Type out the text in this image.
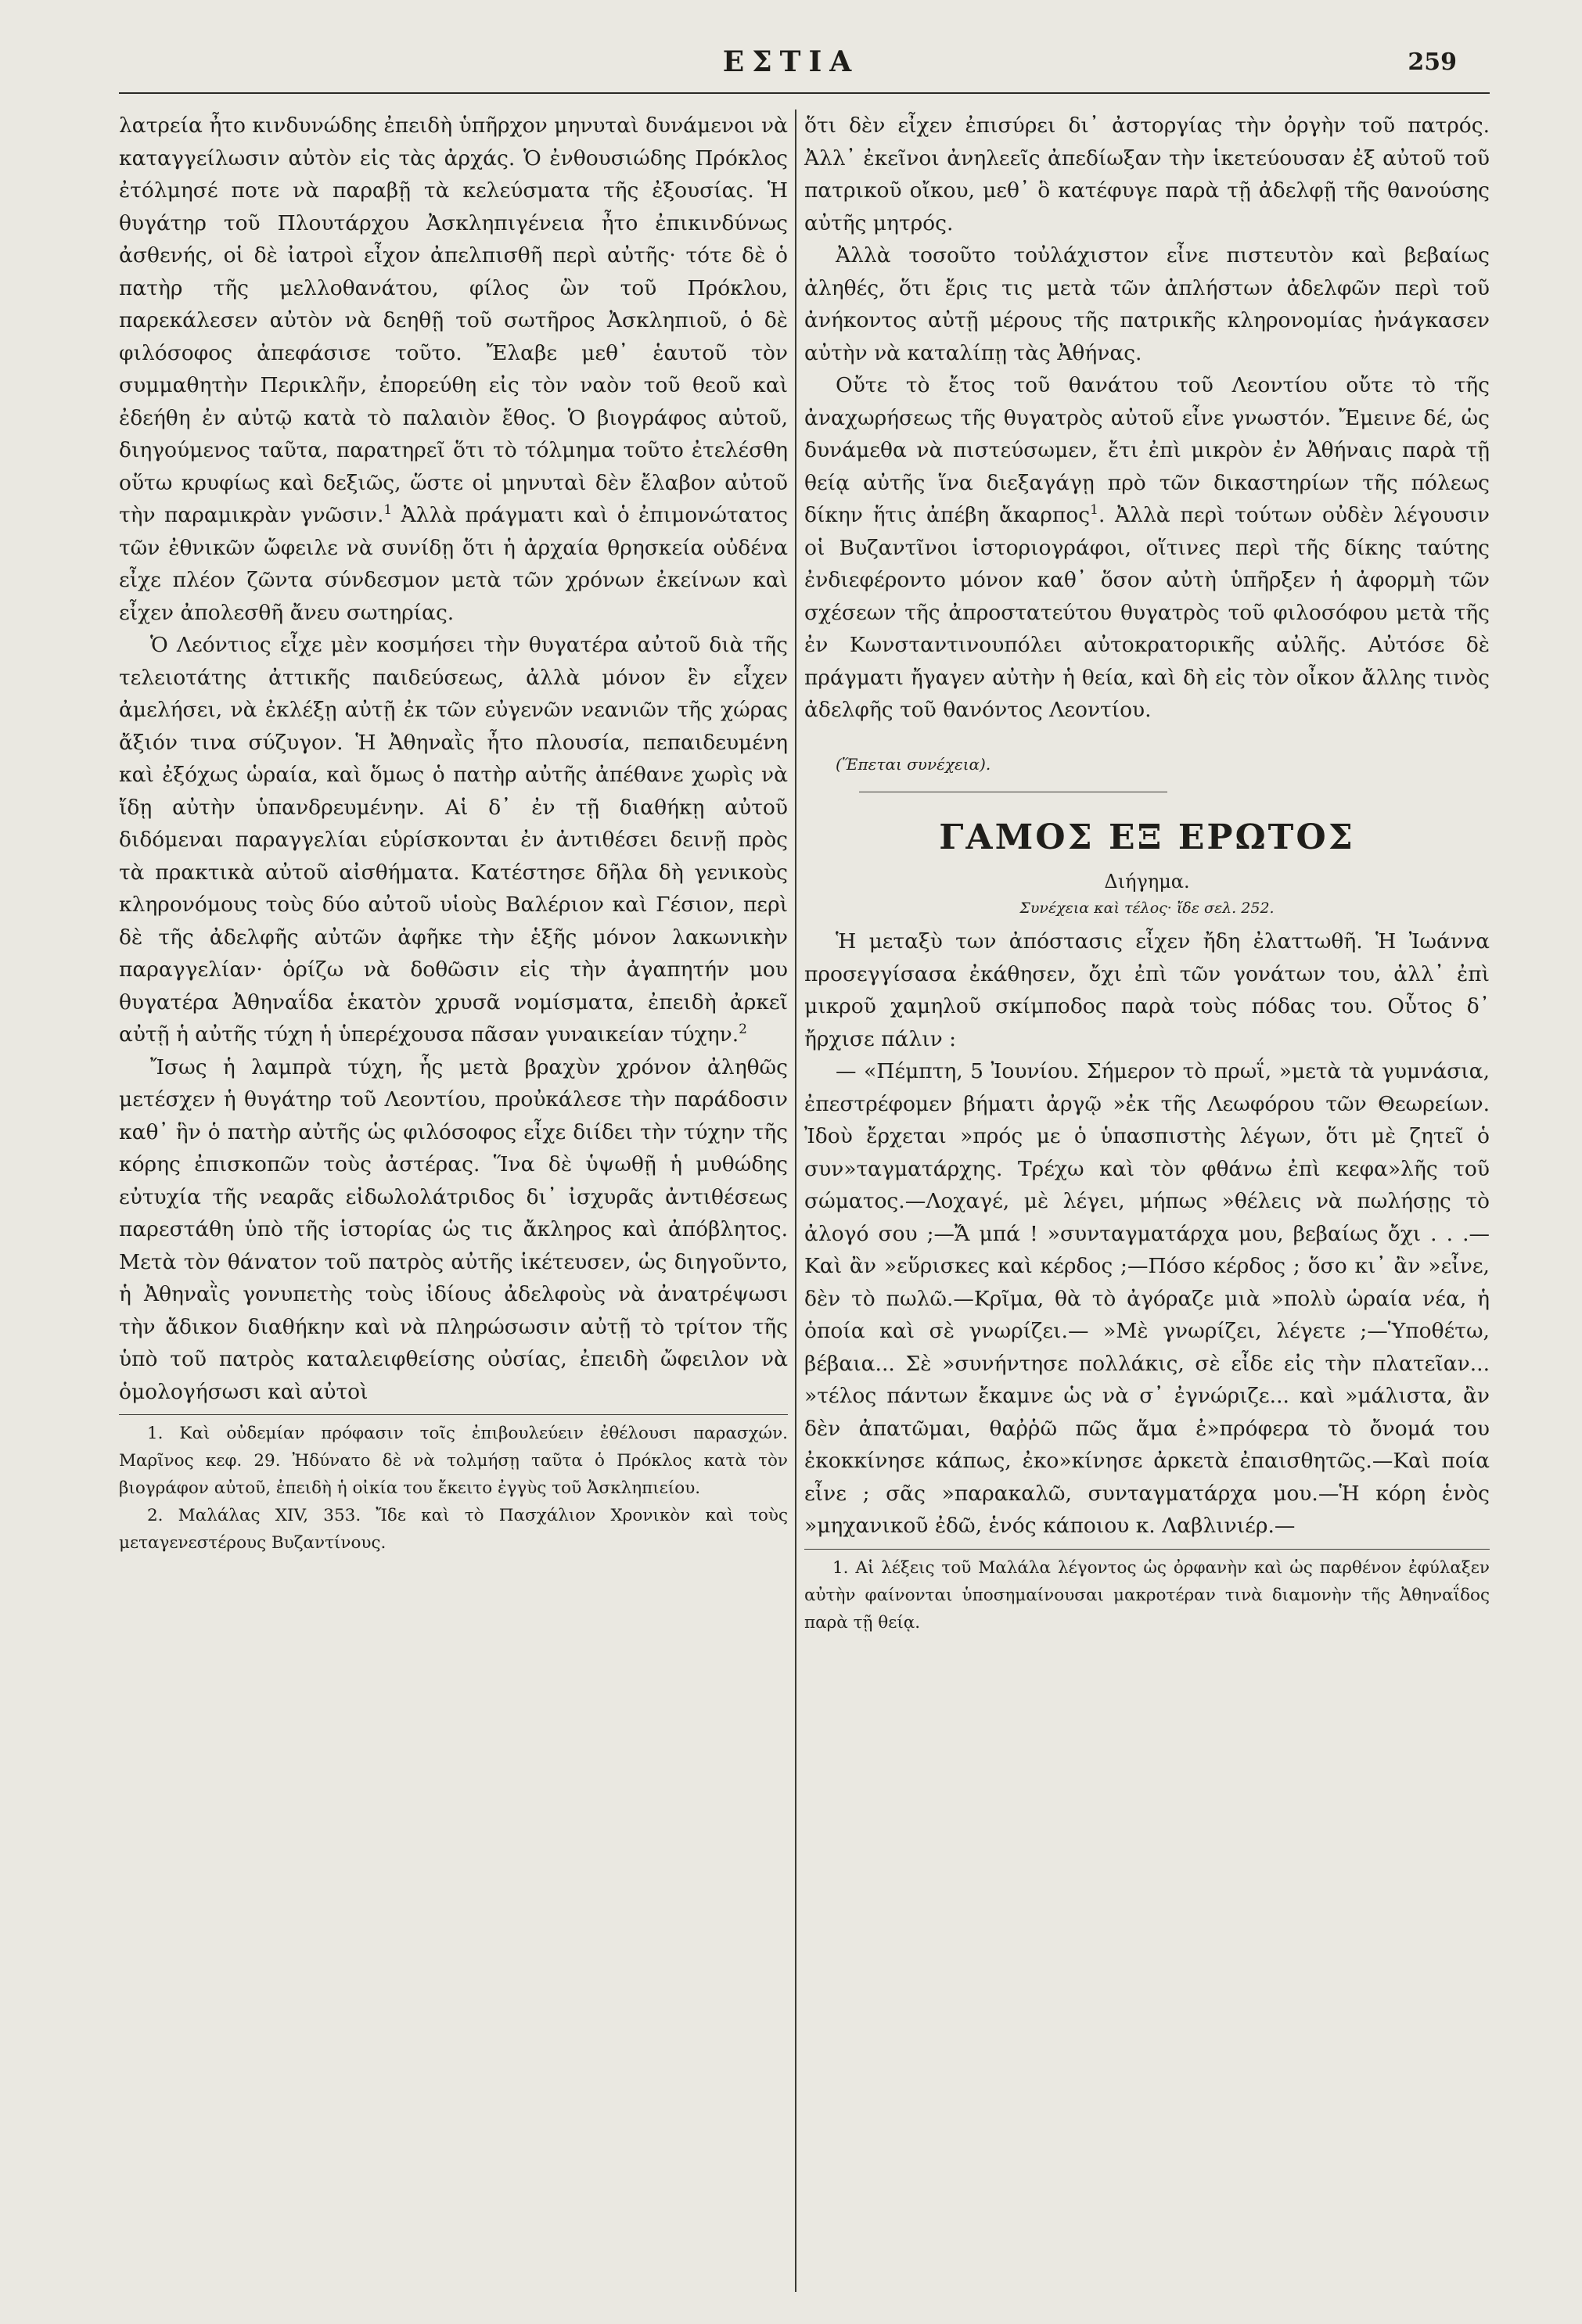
ΕΣΤΙΑ	259

λατρεία ἦτο κινδυνώδης ἐπειδὴ ὑπῆρχον μηνυταὶ δυνάμενοι νὰ καταγγείλωσιν αὐτὸν εἰς τὰς ἀρχάς. Ὁ ἐνθουσιώδης Πρόκλος ἐτόλμησέ ποτε νὰ παραβῇ τὰ κελεύσματα τῆς ἐξουσίας. Ἡ θυγάτηρ τοῦ Πλουτάρχου Ἀσκληπιγένεια ἦτο ἐπικινδύνως ἀσθενής, οἱ δὲ ἰατροὶ εἶχον ἀπελπισθῆ περὶ αὐτῆς· τότε δὲ ὁ πατὴρ τῆς μελλοθανάτου, φίλος ὢν τοῦ Πρόκλου, παρεκάλεσεν αὐτὸν νὰ δεηθῇ τοῦ σωτῆρος Ἀσκληπιοῦ, ὁ δὲ φιλόσοφος ἀπεφάσισε τοῦτο. Ἔλαβε μεθ᾽ ἑαυτοῦ τὸν συμμαθητὴν Περικλῆν, ἐπορεύθη εἰς τὸν ναὸν τοῦ θεοῦ καὶ ἐδεήθη ἐν αὐτῷ κατὰ τὸ παλαιὸν ἔθος. Ὁ βιογράφος αὐτοῦ, διηγούμενος ταῦτα, παρατηρεῖ ὅτι τὸ τόλμημα τοῦτο ἐτελέσθη οὕτω κρυφίως καὶ δεξιῶς, ὥστε οἱ μηνυταὶ δὲν ἔλαβον αὐτοῦ τὴν παραμικρὰν γνῶσιν.$^1$ Ἀλλὰ πράγματι καὶ ὁ ἐπιμονώτατος τῶν ἐθνικῶν ὤφειλε νὰ συνίδῃ ὅτι ἡ ἀρχαία θρησκεία οὐδένα εἶχε πλέον ζῶντα σύνδεσμον μετὰ τῶν χρόνων ἐκείνων καὶ εἶχεν ἀπολεσθῆ ἄνευ σωτηρίας.

Ὁ Λεόντιος εἶχε μὲν κοσμήσει τὴν θυγατέρα αὐτοῦ διὰ τῆς τελειοτάτης ἀττικῆς παιδεύσεως, ἀλλὰ μόνον ἓν εἶχεν ἀμελήσει, νὰ ἐκλέξῃ αὐτῇ ἐκ τῶν εὐγενῶν νεανιῶν τῆς χώρας ἄξιόν τινα σύζυγον. Ἡ Ἀθηναῒς ἦτο πλουσία, πεπαιδευμένη καὶ ἐξόχως ὡραία, καὶ ὅμως ὁ πατὴρ αὐτῆς ἀπέθανε χωρὶς νὰ ἴδῃ αὐτὴν ὑπανδρευμένην. Αἱ δ᾽ ἐν τῇ διαθήκῃ αὐτοῦ διδόμεναι παραγγελίαι εὑρίσκονται ἐν ἀντιθέσει δεινῇ πρὸς τὰ πρακτικὰ αὐτοῦ αἰσθήματα. Κατέστησε δῆλα δὴ γενικοὺς κληρονόμους τοὺς δύο αὐτοῦ υἱοὺς Βαλέριον καὶ Γέσιον, περὶ δὲ τῆς ἀδελφῆς αὐτῶν ἀφῆκε τὴν ἑξῆς μόνον λακωνικὴν παραγγελίαν· ὁρίζω νὰ δοθῶσιν εἰς τὴν ἀγαπητήν μου θυγατέρα Ἀθηναΐδα ἑκατὸν χρυσᾶ νομίσματα, ἐπειδὴ ἀρκεῖ αὐτῇ ἡ αὐτῆς τύχη ἡ ὑπερέχουσα πᾶσαν γυναικείαν τύχην.$^2$

Ἴσως ἡ λαμπρὰ τύχη, ἧς μετὰ βραχὺν χρόνον ἀληθῶς μετέσχεν ἡ θυγάτηρ τοῦ Λεοντίου, προὐκάλεσε τὴν παράδοσιν καθ᾽ ἣν ὁ πατὴρ αὐτῆς ὡς φιλόσοφος εἶχε διίδει τὴν τύχην τῆς κόρης ἐπισκοπῶν τοὺς ἀστέρας. Ἵνα δὲ ὑψωθῇ ἡ μυθώδης εὐτυχία τῆς νεαρᾶς εἰδωλολάτριδος δι᾽ ἰσχυρᾶς ἀντιθέσεως παρεστάθη ὑπὸ τῆς ἱστορίας ὡς τις ἄκληρος καὶ ἀπόβλητος. Μετὰ τὸν θάνατον τοῦ πατρὸς αὐτῆς ἱκέτευσεν, ὡς διηγοῦντο, ἡ Ἀθηναῒς γονυπετὴς τοὺς ἰδίους ἀδελφοὺς νὰ ἀνατρέψωσι τὴν ἄδικον διαθήκην καὶ νὰ πληρώσωσιν αὐτῇ τὸ τρίτον τῆς ὑπὸ τοῦ πατρὸς καταλειφθείσης οὐσίας, ἐπειδὴ ὤφειλον νὰ ὁμολογήσωσι καὶ αὐτοὶ

1. Καὶ οὐδεμίαν πρόφασιν τοῖς ἐπιβουλεύειν ἐθέλουσι παρασχών. Μαρῖνος κεφ. 29. Ἠδύνατο δὲ νὰ τολμήσῃ ταῦτα ὁ Πρόκλος κατὰ τὸν βιογράφον αὐτοῦ, ἐπειδὴ ἡ οἰκία του ἔκειτο ἐγγὺς τοῦ Ἀσκληπιείου.

2. Μαλάλας XIV, 353. Ἴδε καὶ τὸ Πασχάλιον Χρονικὸν καὶ τοὺς μεταγενεστέρους Βυζαντίνους.

ὅτι δὲν εἶχεν ἐπισύρει δι᾽ ἀστοργίας τὴν ὀργὴν τοῦ πατρός. Ἀλλ᾽ ἐκεῖνοι ἀνηλεεῖς ἀπεδίωξαν τὴν ἱκετεύουσαν ἐξ αὐτοῦ τοῦ πατρικοῦ οἴκου, μεθ᾽ ὃ κατέφυγε παρὰ τῇ ἀδελφῇ τῆς θανούσης αὐτῆς μητρός.

Ἀλλὰ τοσοῦτο τοὐλάχιστον εἶνε πιστευτὸν καὶ βεβαίως ἀληθές, ὅτι ἔρις τις μετὰ τῶν ἀπλήστων ἀδελφῶν περὶ τοῦ ἀνήκοντος αὐτῇ μέρους τῆς πατρικῆς κληρονομίας ἠνάγκασεν αὐτὴν νὰ καταλίπῃ τὰς Ἀθήνας.

Οὔτε τὸ ἔτος τοῦ θανάτου τοῦ Λεοντίου οὔτε τὸ τῆς ἀναχωρήσεως τῆς θυγατρὸς αὐτοῦ εἶνε γνωστόν. Ἔμεινε δέ, ὡς δυνάμεθα νὰ πιστεύσωμεν, ἔτι ἐπὶ μικρὸν ἐν Ἀθήναις παρὰ τῇ θείᾳ αὐτῆς ἵνα διεξαγάγῃ πρὸ τῶν δικαστηρίων τῆς πόλεως δίκην ἥτις ἀπέβη ἄκαρπος$^1$. Ἀλλὰ περὶ τούτων οὐδὲν λέγουσιν οἱ Βυζαντῖνοι ἱστοριογράφοι, οἵτινες περὶ τῆς δίκης ταύτης ἐνδιεφέροντο μόνον καθ᾽ ὅσον αὐτὴ ὑπῆρξεν ἡ ἀφορμὴ τῶν σχέσεων τῆς ἀπροστατεύτου θυγατρὸς τοῦ φιλοσόφου μετὰ τῆς ἐν Κωνσταντινουπόλει αὐτοκρατορικῆς αὐλῆς. Αὐτόσε δὲ πράγματι ἤγαγεν αὐτὴν ἡ θεία, καὶ δὴ εἰς τὸν οἶκον ἄλλης τινὸς ἀδελφῆς τοῦ θανόντος Λεοντίου.

(Ἕπεται συνέχεια).

ΓΑΜΟΣ ΕΞ ΕΡΩΤΟΣ

Διήγημα.

Συνέχεια καὶ τέλος· ἴδε σελ. 252.

Ἡ μεταξὺ των ἀπόστασις εἶχεν ἤδη ἐλαττωθῆ. Ἡ Ἰωάννα προσεγγίσασα ἐκάθησεν, ὄχι ἐπὶ τῶν γονάτων του, ἀλλ᾽ ἐπὶ μικροῦ χαμηλοῦ σκίμποδος παρὰ τοὺς πόδας του. Οὗτος δ᾽ ἤρχισε πάλιν :

— «Πέμπτη, 5 Ἰουνίου. Σήμερον τὸ πρωΐ, »μετὰ τὰ γυμνάσια, ἐπεστρέφομεν βήματι ἀργῷ »ἐκ τῆς Λεωφόρου τῶν Θεωρείων. Ἰδοὺ ἔρχεται »πρός με ὁ ὑπασπιστὴς λέγων, ὅτι μὲ ζητεῖ ὁ συν»ταγματάρχης. Τρέχω καὶ τὸν φθάνω ἐπὶ κεφα»λῆς τοῦ σώματος.—Λοχαγέ, μὲ λέγει, μήπως »θέλεις νὰ πωλήσῃς τὸ ἀλογό σου ;—Ἄ μπά ! »συνταγματάρχα μου, βεβαίως ὄχι . . .—Καὶ ἂν »εὕρισκες καὶ κέρδος ;—Πόσο κέρδος ; ὅσο κι᾽ ἂν »εἶνε, δὲν τὸ πωλῶ.—Κρῖμα, θὰ τὸ ἀγόραζε μιὰ »πολὺ ὡραία νέα, ἡ ὁποία καὶ σὲ γνωρίζει.— »Μὲ γνωρίζει, λέγετε ;—Ὑποθέτω, βέβαια... Σὲ »συνήντησε πολλάκις, σὲ εἶδε εἰς τὴν πλατεῖαν... »τέλος πάντων ἔκαμνε ὡς νὰ σ᾽ ἐγνώριζε... καὶ »μάλιστα, ἂν δὲν ἀπατῶμαι, θαῤῥῶ πῶς ἅμα ἐ»πρόφερα τὸ ὄνομά του ἐκοκκίνησε κάπως, ἐκο»κίνησε ἀρκετὰ ἐπαισθητῶς.—Καὶ ποία εἶνε ; σᾶς »παρακαλῶ, συνταγματάρχα μου.—Ἡ κόρη ἑνὸς »μηχανικοῦ ἐδῶ, ἑνός κάποιου κ. Λαβλινιέρ.—

1. Αἱ λέξεις τοῦ Μαλάλα λέγοντος ὡς ὀρφανὴν καὶ ὡς παρθένον ἐφύλαξεν αὐτὴν φαίνονται ὑποσημαίνουσαι μακροτέραν τινὰ διαμονὴν τῆς Ἀθηναΐδος παρὰ τῇ θείᾳ.
